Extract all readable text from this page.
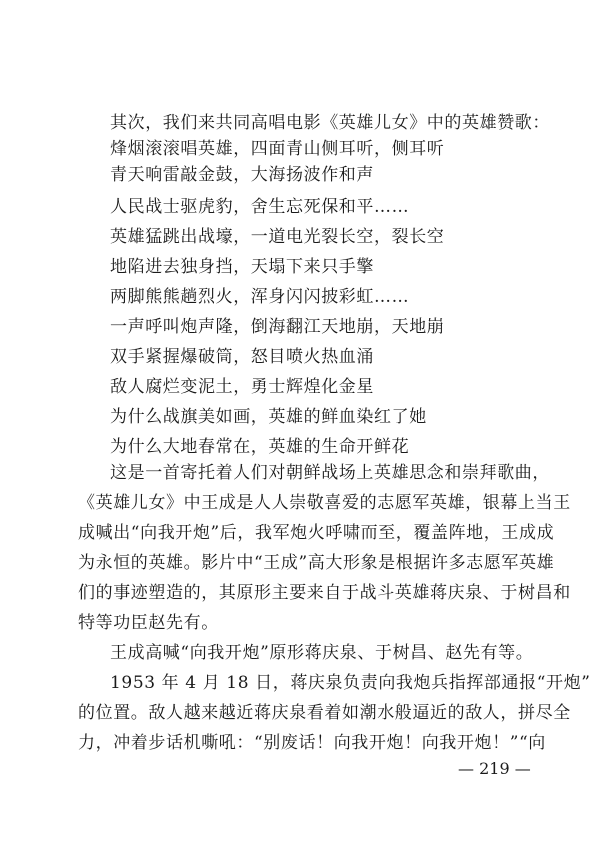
其次，我们来共同高唱电影《英雄儿女》中的英雄赞歌：
烽烟滚滚唱英雄，四面青山侧耳听，侧耳听
青天响雷敲金鼓，大海扬波作和声
人民战士驱虎豹，舍生忘死保和平……
英雄猛跳出战壕，一道电光裂长空，裂长空
地陷进去独身挡，天塌下来只手擎
两脚熊熊趟烈火，浑身闪闪披彩虹……
一声呼叫炮声隆，倒海翻江天地崩，天地崩
双手紧握爆破筒，怒目喷火热血涌
敌人腐烂变泥土，勇士辉煌化金星
为什么战旗美如画，英雄的鲜血染红了她
为什么大地春常在，英雄的生命开鲜花
这是一首寄托着人们对朝鲜战场上英雄思念和崇拜歌曲，
《英雄儿女》中王成是人人崇敬喜爱的志愿军英雄，银幕上当王
成喊出“向我开炮”后，我军炮火呼啸而至，覆盖阵地，王成成
为永恒的英雄。影片中“王成”高大形象是根据许多志愿军英雄
们的事迹塑造的，其原形主要来自于战斗英雄蒋庆泉、于树昌和
特等功臣赵先有。
王成高喊“向我开炮”原形蒋庆泉、于树昌、赵先有等。
1953 年 4 月 18 日，蒋庆泉负责向我炮兵指挥部通报“开炮”
的位置。敌人越来越近蒋庆泉看着如潮水般逼近的敌人，拼尽全
力，冲着步话机嘶吼：“别废话！向我开炮！向我开炮！”“向
— 219 —
